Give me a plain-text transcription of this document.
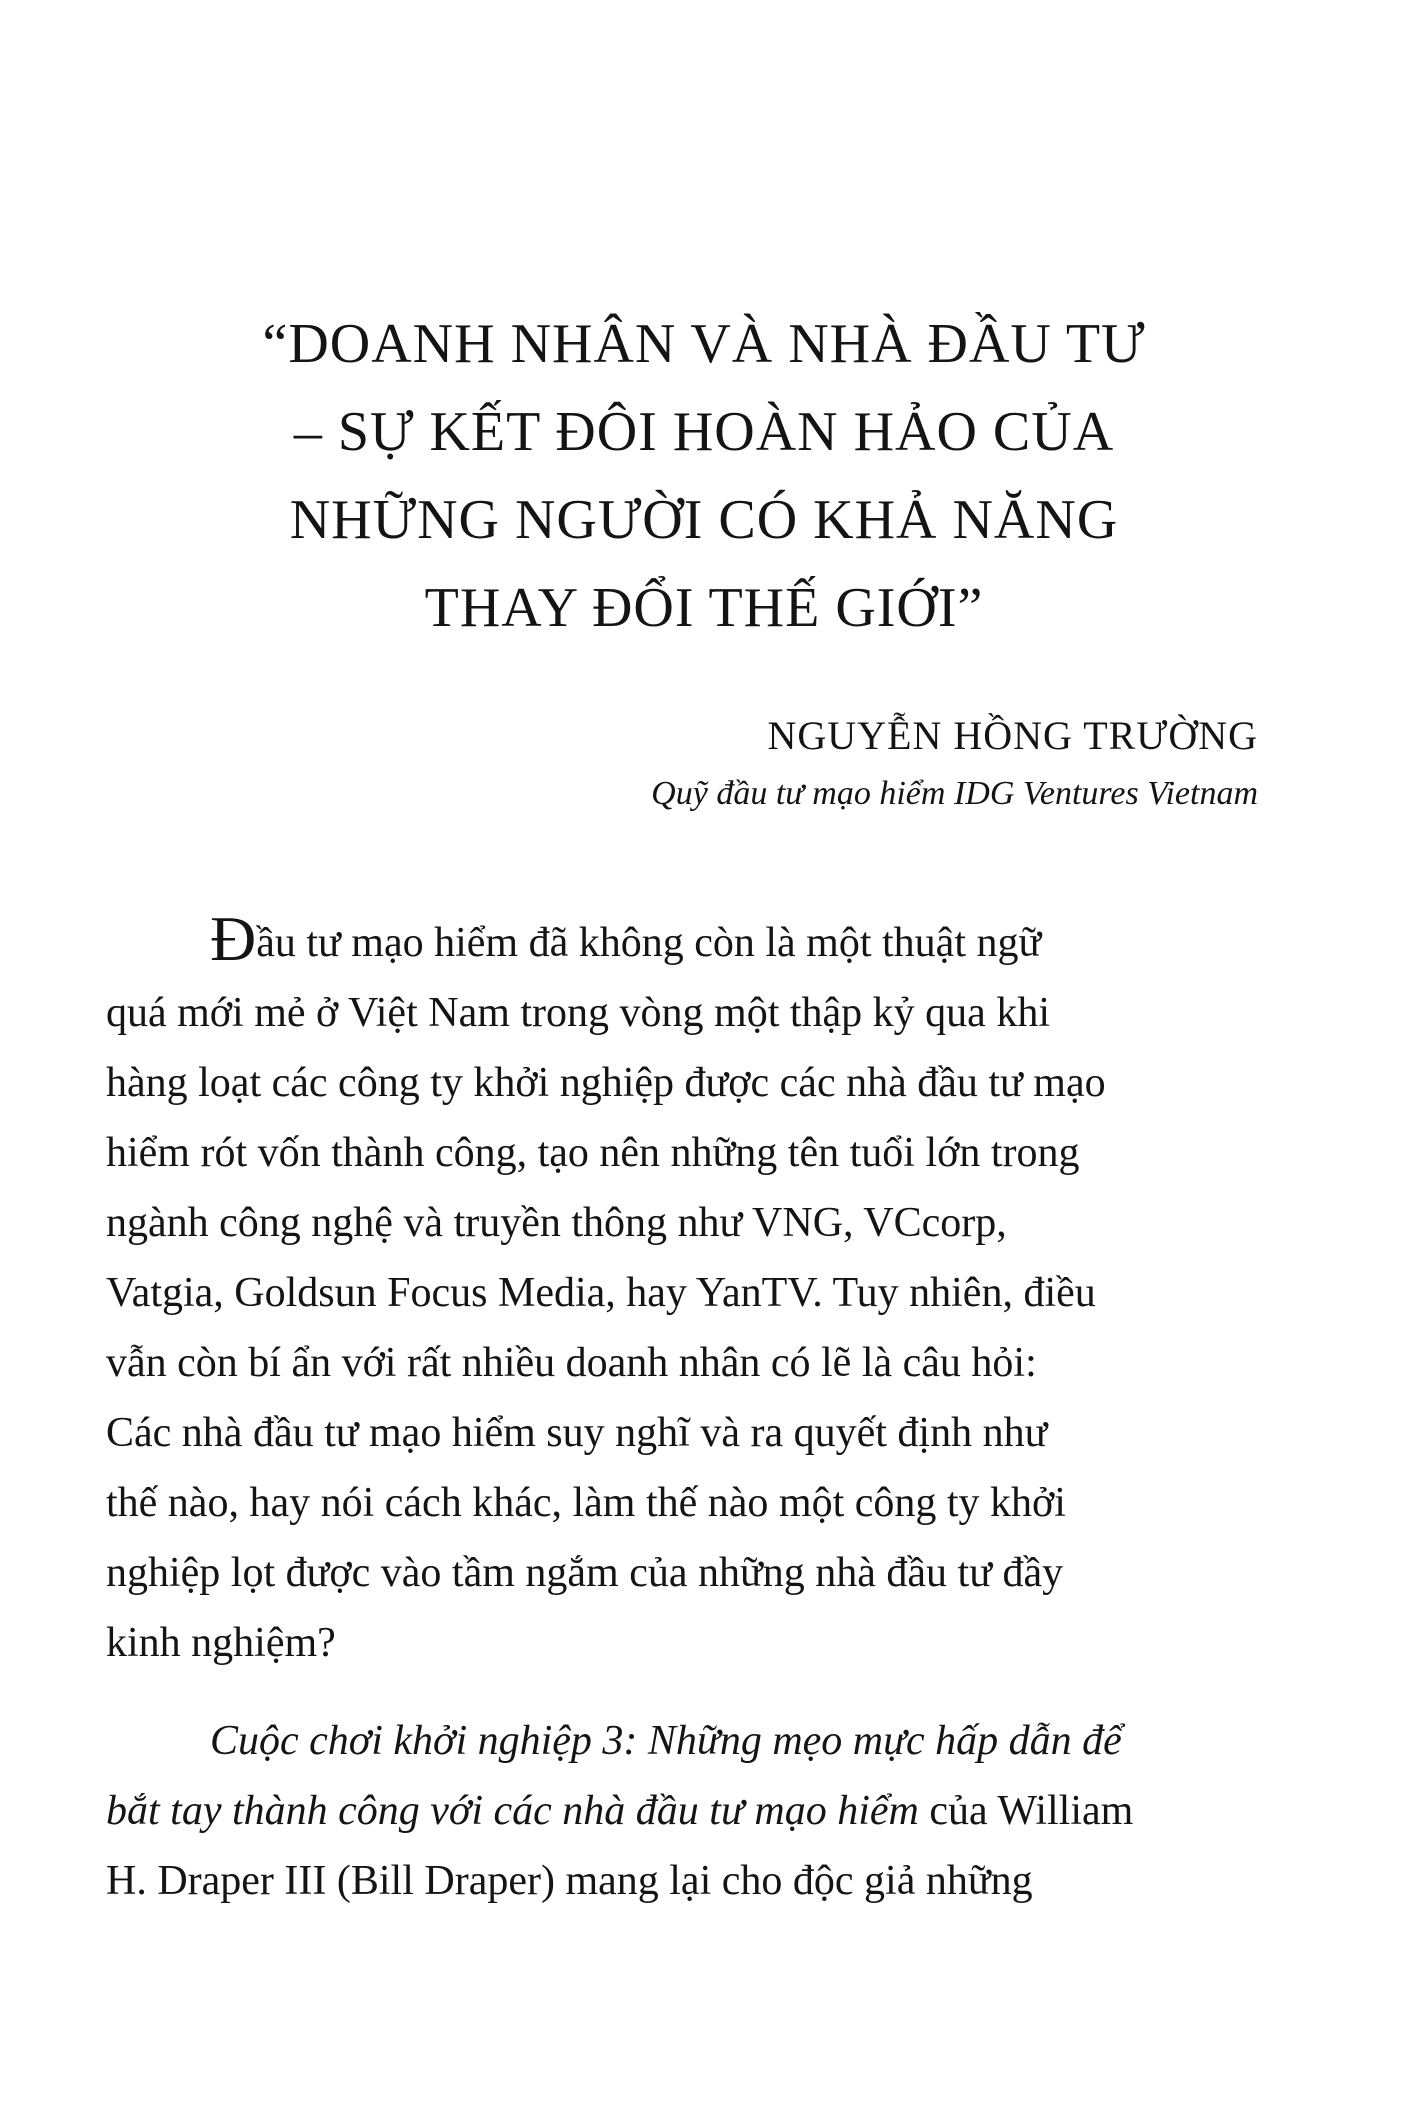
“DOANH NHÂN VÀ NHÀ ĐẦU TƯ
– SỰ KẾT ĐÔI HOÀN HẢO CỦA
NHỮNG NGƯỜI CÓ KHẢ NĂNG
THAY ĐỔI THẾ GIỚI”
NGUYỄN HỒNG TRƯỜNG
Quỹ đầu tư mạo hiểm IDG Ventures Vietnam
Đầu tư mạo hiểm đã không còn là một thuật ngữ
quá mới mẻ ở Việt Nam trong vòng một thập kỷ qua khi
hàng loạt các công ty khởi nghiệp được các nhà đầu tư mạo
hiểm rót vốn thành công, tạo nên những tên tuổi lớn trong
ngành công nghệ và truyền thông như VNG, VCcorp,
Vatgia, Goldsun Focus Media, hay YanTV. Tuy nhiên, điều
vẫn còn bí ẩn với rất nhiều doanh nhân có lẽ là câu hỏi:
Các nhà đầu tư mạo hiểm suy nghĩ và ra quyết định như
thế nào, hay nói cách khác, làm thế nào một công ty khởi
nghiệp lọt được vào tầm ngắm của những nhà đầu tư đầy
kinh nghiệm?
Cuộc chơi khởi nghiệp 3: Những mẹo mực hấp dẫn để
bắt tay thành công với các nhà đầu tư mạo hiểm của William
H. Draper III (Bill Draper) mang lại cho độc giả những
